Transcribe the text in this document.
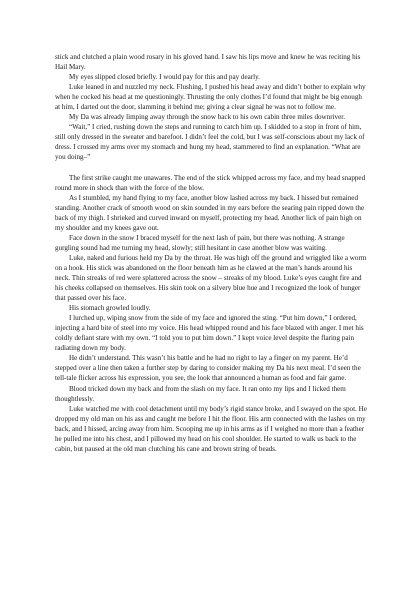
stick and clutched a plain wood rosary in his gloved hand. I saw his lips move and knew he was reciting his Hail Mary.

My eyes slipped closed briefly. I would pay for this and pay dearly.

Luke leaned in and nuzzled my neck. Flushing, I pushed his head away and didn’t bother to explain why when he cocked his head at me questioningly. Thrusting the only clothes I’d found that might be big enough at him, I darted out the door, slamming it behind me; giving a clear signal he was not to follow me.

My Da was already limping away through the snow back to his own cabin three miles downriver.

“Wait,” I cried, rushing down the steps and running to catch him up. I skidded to a stop in front of him, still only dressed in the sweater and barefoot. I didn’t feel the cold, but I was self-conscious about my lack of dress. I crossed my arms over my stomach and hung my head, stammered to find an explanation. “What are you doing–”

The first strike caught me unawares. The end of the stick whipped across my face, and my head snapped round more in shock than with the force of the blow.

As I stumbled, my hand flying to my face, another blow lashed across my back. I hissed but remained standing. Another crack of smooth wood on skin sounded in my ears before the searing pain ripped down the back of my thigh. I shrieked and curved inward on myself, protecting my head. Another lick of pain high on my shoulder and my knees gave out.

Face down in the snow I braced myself for the next lash of pain, but there was nothing. A strange gurgling sound had me turning my head, slowly; still hesitant in case another blow was waiting.

Luke, naked and furious held my Da by the throat. He was high off the ground and wriggled like a worm on a hook. His stick was abandoned on the floor beneath him as he clawed at the man’s hands around his neck. Thin streaks of red were splattered across the snow – streaks of my blood. Luke’s eyes caught fire and his cheeks collapsed on themselves. His skin took on a silvery blue hue and I recognized the look of hunger that passed over his face.

His stomach growled loudly.

I lurched up, wiping snow from the side of my face and ignored the sting. “Put him down,” I ordered, injecting a hard bite of steel into my voice. His head whipped round and his face blazed with anger. I met his coldly defiant stare with my own. “I told you to put him down.” I kept voice level despite the flaring pain radiating down my body.

He didn’t understand. This wasn’t his battle and he had no right to lay a finger on my parent. He’d stepped over a line then taken a further step by daring to consider making my Da his next meal. I’d seen the tell-tale flicker across his expression, you see, the look that announced a human as food and fair game.

Blood tricked down my back and from the slash on my face. It ran onto my lips and I licked them thoughtlessly.

Luke watched me with cool detachment until my body’s rigid stance broke, and I swayed on the spot. He dropped my old man on his ass and caught me before I hit the floor. His arm connected with the lashes on my back, and I hissed, arcing away from him. Scooping me up in his arms as if I weighed no more than a feather he pulled me into his chest, and I pillowed my head on his cool shoulder. He started to walk us back to the cabin, but paused at the old man clutching his cane and brown string of beads.
